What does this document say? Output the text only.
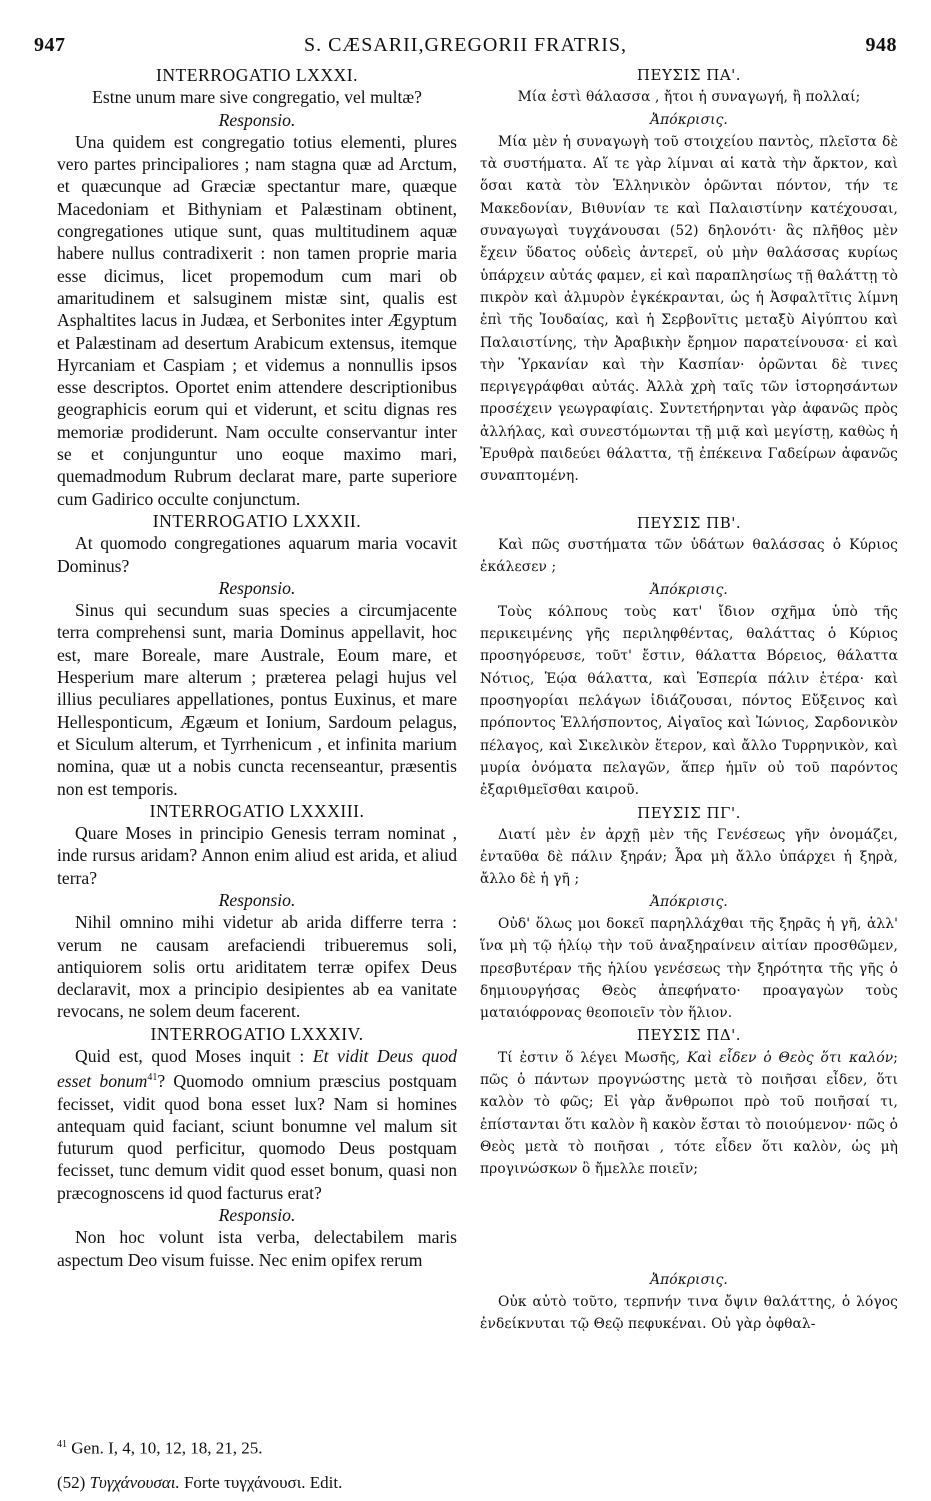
947	S. CÆSARII,GREGORII FRATRIS,	948
INTERROGATIO LXXXI.

Estne unum mare sive congregatio, vel multæ?

Responsio.

Una quidem est congregatio totius elementi, plures vero partes principaliores ; nam stagna quæ ad Arctum, et quæcunque ad Græciæ spectantur mare, quæque Macedoniam et Bithyniam et Palæstinam obtinent, congregationes utique sunt, quas multitudinem aquæ habere nullus contradixerit : non tamen proprie maria esse dicimus, licet propemodum cum mari ob amaritudinem et salsuginem mistæ sint, qualis est Asphaltites lacus in Judæa, et Serbonites inter Ægyptum et Palæstinam ad desertum Arabicum extensus, itemque Hyrcaniam et Caspiam ; et videmus a nonnullis ipsos esse descriptos. Oportet enim attendere descriptionibus geographicis eorum qui et viderunt, et scitu dignas res memoriæ prodiderunt. Nam occulte conservantur inter se et conjunguntur uno eoque maximo mari, quemadmodum Rubrum declarat mare, parte superiore cum Gadirico occulte conjunctum.

INTERROGATIO LXXXII.

At quomodo congregationes aquarum maria vocavit Dominus?

Responsio.

Sinus qui secundum suas species a circumjacente terra comprehensi sunt, maria Dominus appellavit, hoc est, mare Boreale, mare Australe, Eoum mare, et Hesperium mare alterum ; præterea pelagi hujus vel illius peculiares appellationes, pontus Euxinus, et mare Hellesponticum, Ægæum et Ionium, Sardoum pelagus, et Siculum alterum, et Tyrrhenicum , et infinita marium nomina, quæ ut a nobis cuncta recenseantur, præsentis non est temporis.

INTERROGATIO LXXXIII.

Quare Moses in principio Genesis terram nominat , inde rursus aridam? Annon enim aliud est arida, et aliud terra?

Responsio.

Nihil omnino mihi videtur ab arida differre terra : verum ne causam arefaciendi tribueremus soli, antiquiorem solis ortu ariditatem terræ opifex Deus declaravit, mox a principio desipientes ab ea vanitate revocans, ne solem deum facerent.

INTERROGATIO LXXXIV.

Quid est, quod Moses inquit : Et vidit Deus quod esset bonum$^{41}$? Quomodo omnium præscius postquam fecisset, vidit quod bona esset lux? Nam si homines antequam quid faciant, sciunt bonumne vel malum sit futurum quod perficitur, quomodo Deus postquam fecisset, tunc demum vidit quod esset bonum, quasi non præcognoscens id quod facturus erat?

Responsio.

Non hoc volunt ista verba, delectabilem maris aspectum Deo visum fuisse. Nec enim opifex rerum

ΠΕΥΣΙΣ ΠΑ'.

Μία ἐστὶ θάλασσα , ἤτοι ἡ συναγωγή, ἢ πολλαί;

Ἀπόκρισις.

Μία μὲν ἡ συναγωγὴ τοῦ στοιχείου παντὸς, πλεῖστα δὲ τὰ συστήματα. Αἵ τε γὰρ λίμναι αἱ κατὰ τὴν ἄρκτον, καὶ ὅσαι κατὰ τὸν Ἑλληνικὸν ὁρῶνται πόντον, τήν τε Μακεδονίαν, Βιθυνίαν τε καὶ Παλαιστίνην κατέχουσαι, συναγωγαὶ τυγχάνουσαι (52) δηλονότι· ἃς πλῆθος μὲν ἔχειν ὕδατος οὐδεὶς ἀντερεῖ, οὐ μὴν θαλάσσας κυρίως ὑπάρχειν αὐτάς φαμεν, εἰ καὶ παραπλησίως τῇ θαλάττῃ τὸ πικρὸν καὶ ἁλμυρὸν ἐγκέκρανται, ὡς ἡ Ἀσφαλτῖτις λίμνη ἐπὶ τῆς Ἰουδαίας, καὶ ἡ Σερβονῖτις μεταξὺ Αἰγύπτου καὶ Παλαιστίνης, τὴν Ἀραβικὴν ἔρημον παρατείνουσα· εἰ καὶ τὴν Ὑρκανίαν καὶ τὴν Κασπίαν· ὁρῶνται δὲ τινες περιγεγράφθαι αὐτάς. Ἀλλὰ χρὴ ταῖς τῶν ἱστορησάντων προσέχειν γεωγραφίαις. Συντετήρηνται γὰρ ἀφανῶς πρὸς ἀλλήλας, καὶ συνεστόμωνται τῇ μιᾷ καὶ μεγίστῃ, καθὼς ἡ Ἐρυθρὰ παιδεύει θάλαττα, τῇ ἐπέκεινα Γαδείρων ἀφανῶς συναπτομένη.

ΠΕΥΣΙΣ ΠΒ'.

Καὶ πῶς συστήματα τῶν ὑδάτων θαλάσσας ὁ Κύριος ἐκάλεσεν ;

Ἀπόκρισις.

Τοὺς κόλπους τοὺς κατ' ἴδιον σχῆμα ὑπὸ τῆς περικειμένης γῆς περιληφθέντας, θαλάττας ὁ Κύριος προσηγόρευσε, τοῦτ' ἔστιν, θάλαττα Βόρειος, θάλαττα Νότιος, Ἑῴα θάλαττα, καὶ Ἑσπερία πάλιν ἑτέρα· καὶ προσηγορίαι πελάγων ἰδιάζουσαι, πόντος Εὔξεινος καὶ πρόποντος Ἑλλήσποντος, Αἰγαῖος καὶ Ἰώνιος, Σαρδονικὸν πέλαγος, καὶ Σικελικὸν ἕτερον, καὶ ἄλλο Τυρρηνικὸν, καὶ μυρία ὀνόματα πελαγῶν, ἅπερ ἡμῖν οὐ τοῦ παρόντος ἐξαριθμεῖσθαι καιροῦ.

ΠΕΥΣΙΣ ΠΓ'.

Διατί μὲν ἐν ἀρχῇ μὲν τῆς Γενέσεως γῆν ὀνομάζει, ἐνταῦθα δὲ πάλιν ξηράν; Ἆρα μὴ ἄλλο ὑπάρχει ἡ ξηρὰ, ἄλλο δὲ ἡ γῆ ;

Ἀπόκρισις.

Οὐδ' ὅλως μοι δοκεῖ παρηλλάχθαι τῆς ξηρᾶς ἡ γῆ, ἀλλ' ἵνα μὴ τῷ ἡλίῳ τὴν τοῦ ἀναξηραίνειν αἰτίαν προσθῶμεν, πρεσβυτέραν τῆς ἡλίου γενέσεως τὴν ξηρότητα τῆς γῆς ὁ δημιουργήσας Θεὸς ἀπεφήνατο· προαγαγὼν τοὺς ματαιόφρονας θεοποιεῖν τὸν ἥλιον.

ΠΕΥΣΙΣ ΠΔ'.

Τί ἐστιν ὅ λέγει Μωσῆς, Καὶ εἶδεν ὁ Θεὸς ὅτι καλόν; πῶς ὁ πάντων προγνώστης μετὰ τὸ ποιῆσαι εἶδεν, ὅτι καλὸν τὸ φῶς; Εἰ γὰρ ἄνθρωποι πρὸ τοῦ ποιῆσαί τι, ἐπίστανται ὅτι καλὸν ἢ κακὸν ἔσται τὸ ποιούμενον· πῶς ὁ Θεὸς μετὰ τὸ ποιῆσαι , τότε εἶδεν ὅτι καλὸν, ὡς μὴ προγινώσκων ὃ ἤμελλε ποιεῖν;

Ἀπόκρισις.

Οὐκ αὐτὸ τοῦτο, τερπνήν τινα ὄψιν θαλάττης, ὁ λόγος ἐνδείκνυται τῷ Θεῷ πεφυκέναι. Οὐ γὰρ ὀφθαλ-

$^{41}$ Gen. I, 4, 10, 12, 18, 21, 25.
(52) Τυγχάνουσαι. Forte τυγχάνουσι. Edit.
